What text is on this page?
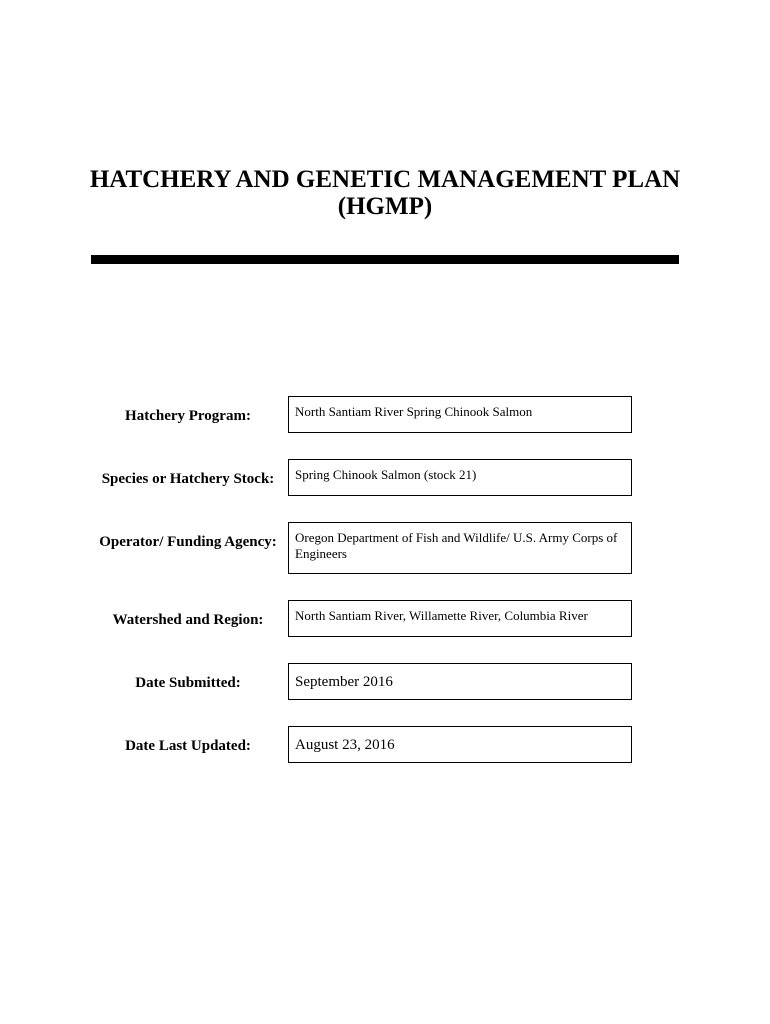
HATCHERY AND GENETIC MANAGEMENT PLAN
(HGMP)
Hatchery Program:	North Santiam River Spring Chinook Salmon
Species or Hatchery Stock:	Spring Chinook Salmon (stock 21)
Operator/ Funding Agency:	Oregon Department of Fish and Wildlife/ U.S. Army Corps of Engineers
Watershed and Region:	North Santiam River, Willamette River, Columbia River
Date Submitted:	September 2016
Date Last Updated:	August 23, 2016
